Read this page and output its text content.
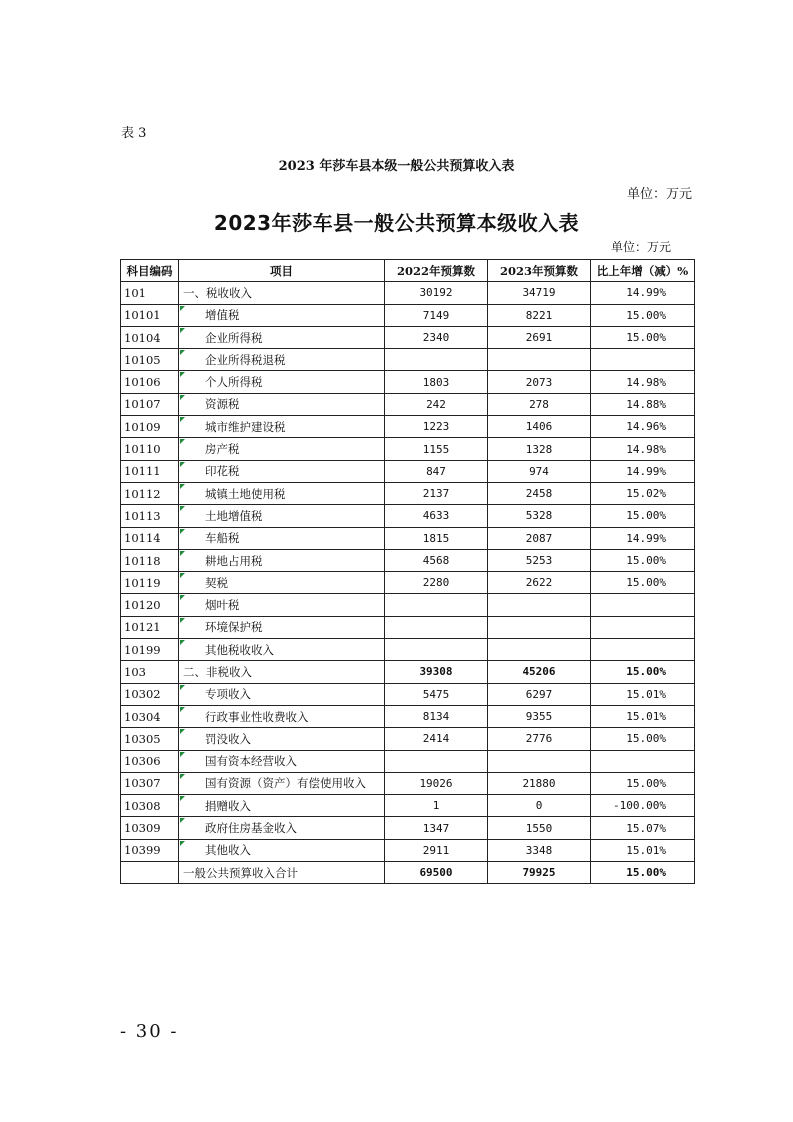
表 3
2023 年莎车县本级一般公共预算收入表
单位：万元
2023年莎车县一般公共预算本级收入表
单位：万元
科目编码	项目	2022年预算数	2023年预算数	比上年增（减）%
101	一、税收收入	30192	34719	14.99%
10101	增值税	7149	8221	15.00%
10104	企业所得税	2340	2691	15.00%
10105	企业所得税退税			
10106	个人所得税	1803	2073	14.98%
10107	资源税	242	278	14.88%
10109	城市维护建设税	1223	1406	14.96%
10110	房产税	1155	1328	14.98%
10111	印花税	847	974	14.99%
10112	城镇土地使用税	2137	2458	15.02%
10113	土地增值税	4633	5328	15.00%
10114	车船税	1815	2087	14.99%
10118	耕地占用税	4568	5253	15.00%
10119	契税	2280	2622	15.00%
10120	烟叶税			
10121	环境保护税			
10199	其他税收收入			
103	二、非税收入	39308	45206	15.00%
10302	专项收入	5475	6297	15.01%
10304	行政事业性收费收入	8134	9355	15.01%
10305	罚没收入	2414	2776	15.00%
10306	国有资本经营收入			
10307	国有资源（资产）有偿使用收入	19026	21880	15.00%
10308	捐赠收入	1	0	-100.00%
10309	政府住房基金收入	1347	1550	15.07%
10399	其他收入	2911	3348	15.01%
	一般公共预算收入合计	69500	79925	15.00%
- 30 -
